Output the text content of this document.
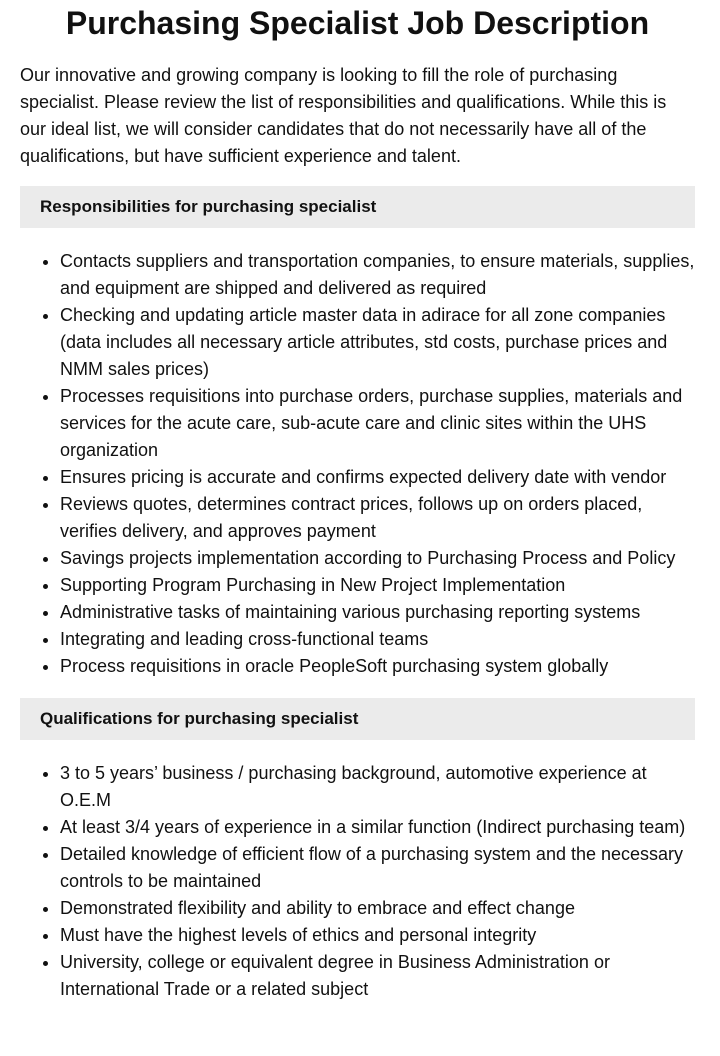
Purchasing Specialist Job Description

Our innovative and growing company is looking to fill the role of purchasing specialist. Please review the list of responsibilities and qualifications. While this is our ideal list, we will consider candidates that do not necessarily have all of the qualifications, but have sufficient experience and talent.

Responsibilities for purchasing specialist
• Contacts suppliers and transportation companies, to ensure materials, supplies, and equipment are shipped and delivered as required
• Checking and updating article master data in adirace for all zone companies (data includes all necessary article attributes, std costs, purchase prices and NMM sales prices)
• Processes requisitions into purchase orders, purchase supplies, materials and services for the acute care, sub-acute care and clinic sites within the UHS organization
• Ensures pricing is accurate and confirms expected delivery date with vendor
• Reviews quotes, determines contract prices, follows up on orders placed, verifies delivery, and approves payment
• Savings projects implementation according to Purchasing Process and Policy
• Supporting Program Purchasing in New Project Implementation
• Administrative tasks of maintaining various purchasing reporting systems
• Integrating and leading cross-functional teams
• Process requisitions in oracle PeopleSoft purchasing system globally
Qualifications for purchasing specialist
• 3 to 5 years’ business / purchasing background, automotive experience at O.E.M
• At least 3/4 years of experience in a similar function (Indirect purchasing team)
• Detailed knowledge of efficient flow of a purchasing system and the necessary controls to be maintained
• Demonstrated flexibility and ability to embrace and effect change
• Must have the highest levels of ethics and personal integrity
• University, college or equivalent degree in Business Administration or International Trade or a related subject
